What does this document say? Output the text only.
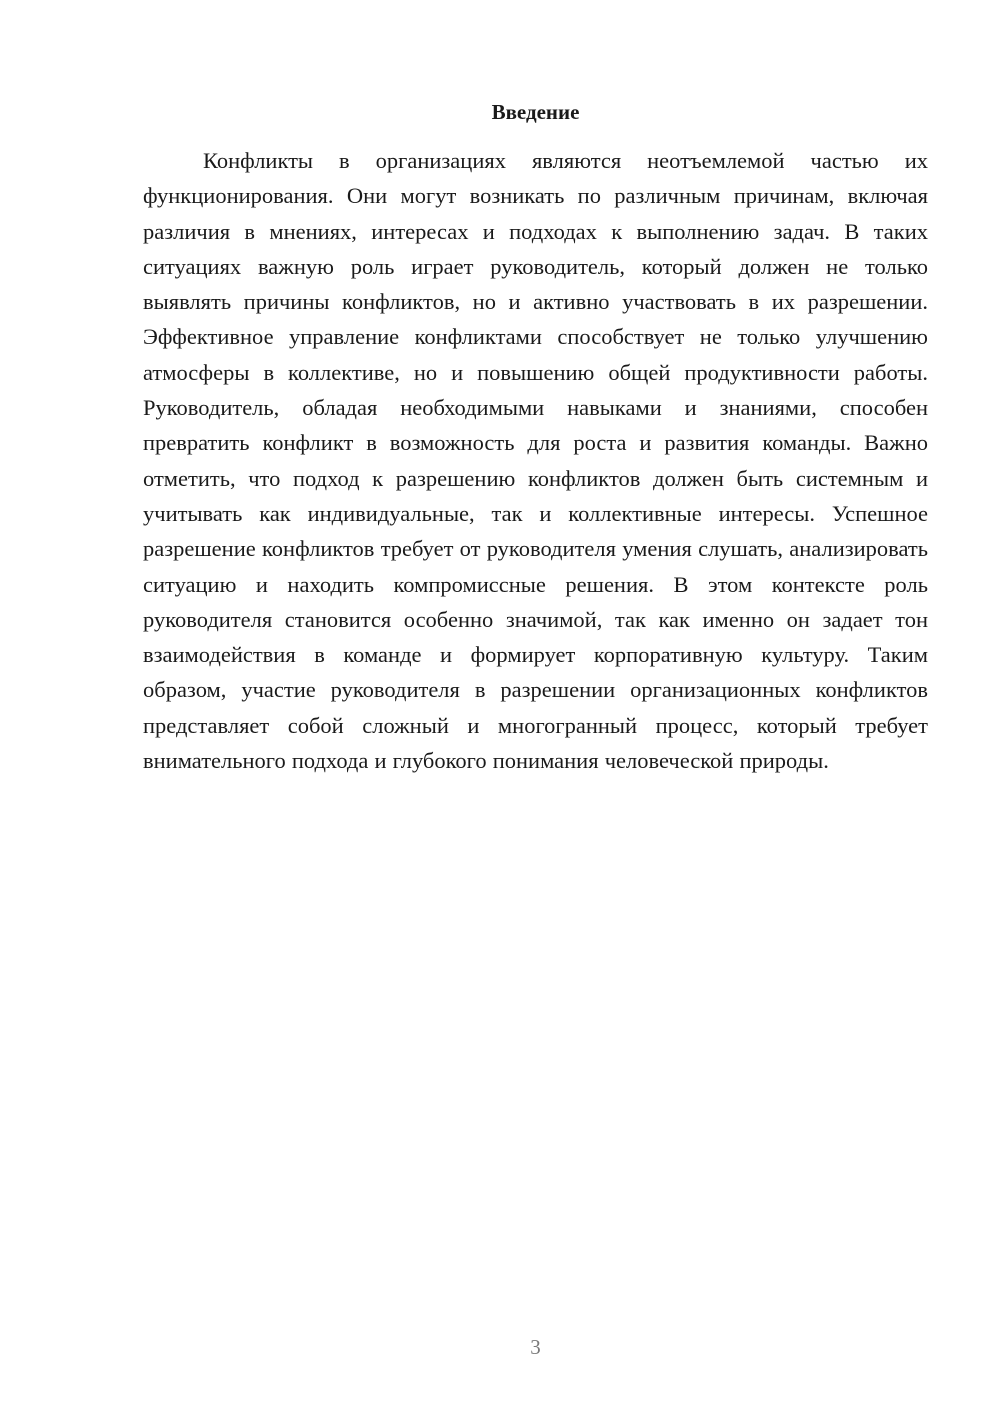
Введение

Конфликты в организациях являются неотъемлемой частью их функционирования. Они могут возникать по различным причинам, включая различия в мнениях, интересах и подходах к выполнению задач. В таких ситуациях важную роль играет руководитель, который должен не только выявлять причины конфликтов, но и активно участвовать в их разрешении. Эффективное управление конфликтами способствует не только улучшению атмосферы в коллективе, но и повышению общей продуктивности работы. Руководитель, обладая необходимыми навыками и знаниями, способен превратить конфликт в возможность для роста и развития команды. Важно отметить, что подход к разрешению конфликтов должен быть системным и учитывать как индивидуальные, так и коллективные интересы. Успешное разрешение конфликтов требует от руководителя умения слушать, анализировать ситуацию и находить компромиссные решения. В этом контексте роль руководителя становится особенно значимой, так как именно он задает тон взаимодействия в команде и формирует корпоративную культуру. Таким образом, участие руководителя в разрешении организационных конфликтов представляет собой сложный и многогранный процесс, который требует внимательного подхода и глубокого понимания человеческой природы.

3
